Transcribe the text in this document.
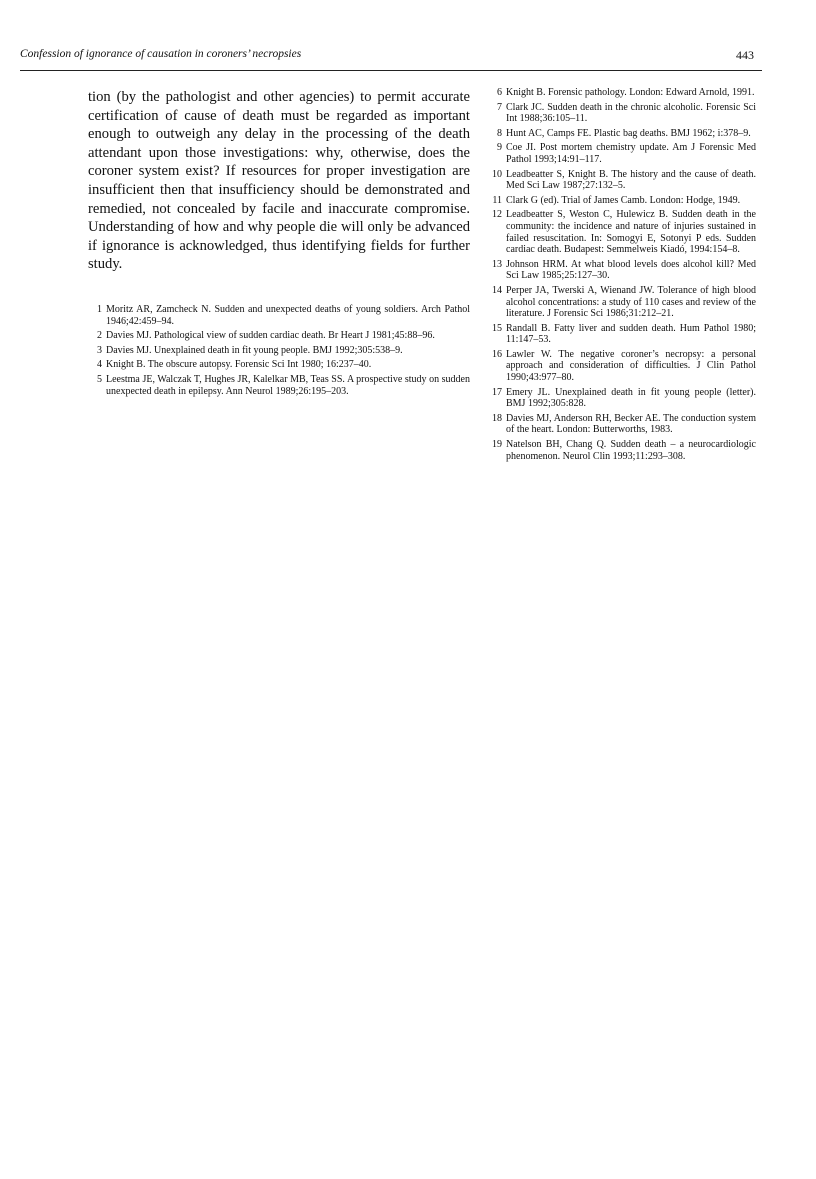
Confession of ignorance of causation in coroners’ necropsies	443

tion (by the pathologist and other agencies) to permit accurate certification of cause of death must be regarded as important enough to outweigh any delay in the processing of the death attendant upon those investigations: why, otherwise, does the coroner system exist? If resources for proper investigation are insufficient then that insufficiency should be demonstrated and remedied, not concealed by facile and inaccurate compromise. Understanding of how and why people die will only be advanced if ignorance is acknowledged, thus identifying fields for further study.

1 Moritz AR, Zamcheck N. Sudden and unexpected deaths of young soldiers. Arch Pathol 1946;42:459–94.
2 Davies MJ. Pathological view of sudden cardiac death. Br Heart J 1981;45:88–96.
3 Davies MJ. Unexplained death in fit young people. BMJ 1992;305:538–9.
4 Knight B. The obscure autopsy. Forensic Sci Int 1980; 16:237–40.
5 Leestma JE, Walczak T, Hughes JR, Kalelkar MB, Teas SS. A prospective study on sudden unexpected death in epilepsy. Ann Neurol 1989;26:195–203.
6 Knight B. Forensic pathology. London: Edward Arnold, 1991.
7 Clark JC. Sudden death in the chronic alcoholic. Forensic Sci Int 1988;36:105–11.
8 Hunt AC, Camps FE. Plastic bag deaths. BMJ 1962; i:378–9.
9 Coe JI. Post mortem chemistry update. Am J Forensic Med Pathol 1993;14:91–117.
10 Leadbeatter S, Knight B. The history and the cause of death. Med Sci Law 1987;27:132–5.
11 Clark G (ed). Trial of James Camb. London: Hodge, 1949.
12 Leadbeatter S, Weston C, Hulewicz B. Sudden death in the community: the incidence and nature of injuries sustained in failed resuscitation. In: Somogyi E, Sotonyi P eds. Sudden cardiac death. Budapest: Semmelweis Kiadó, 1994:154–8.
13 Johnson HRM. At what blood levels does alcohol kill? Med Sci Law 1985;25:127–30.
14 Perper JA, Twerski A, Wienand JW. Tolerance of high blood alcohol concentrations: a study of 110 cases and review of the literature. J Forensic Sci 1986;31:212–21.
15 Randall B. Fatty liver and sudden death. Hum Pathol 1980; 11:147–53.
16 Lawler W. The negative coroner’s necropsy: a personal approach and consideration of difficulties. J Clin Pathol 1990;43:977–80.
17 Emery JL. Unexplained death in fit young people (letter). BMJ 1992;305:828.
18 Davies MJ, Anderson RH, Becker AE. The conduction system of the heart. London: Butterworths, 1983.
19 Natelson BH, Chang Q. Sudden death – a neurocardiologic phenomenon. Neurol Clin 1993;11:293–308.
